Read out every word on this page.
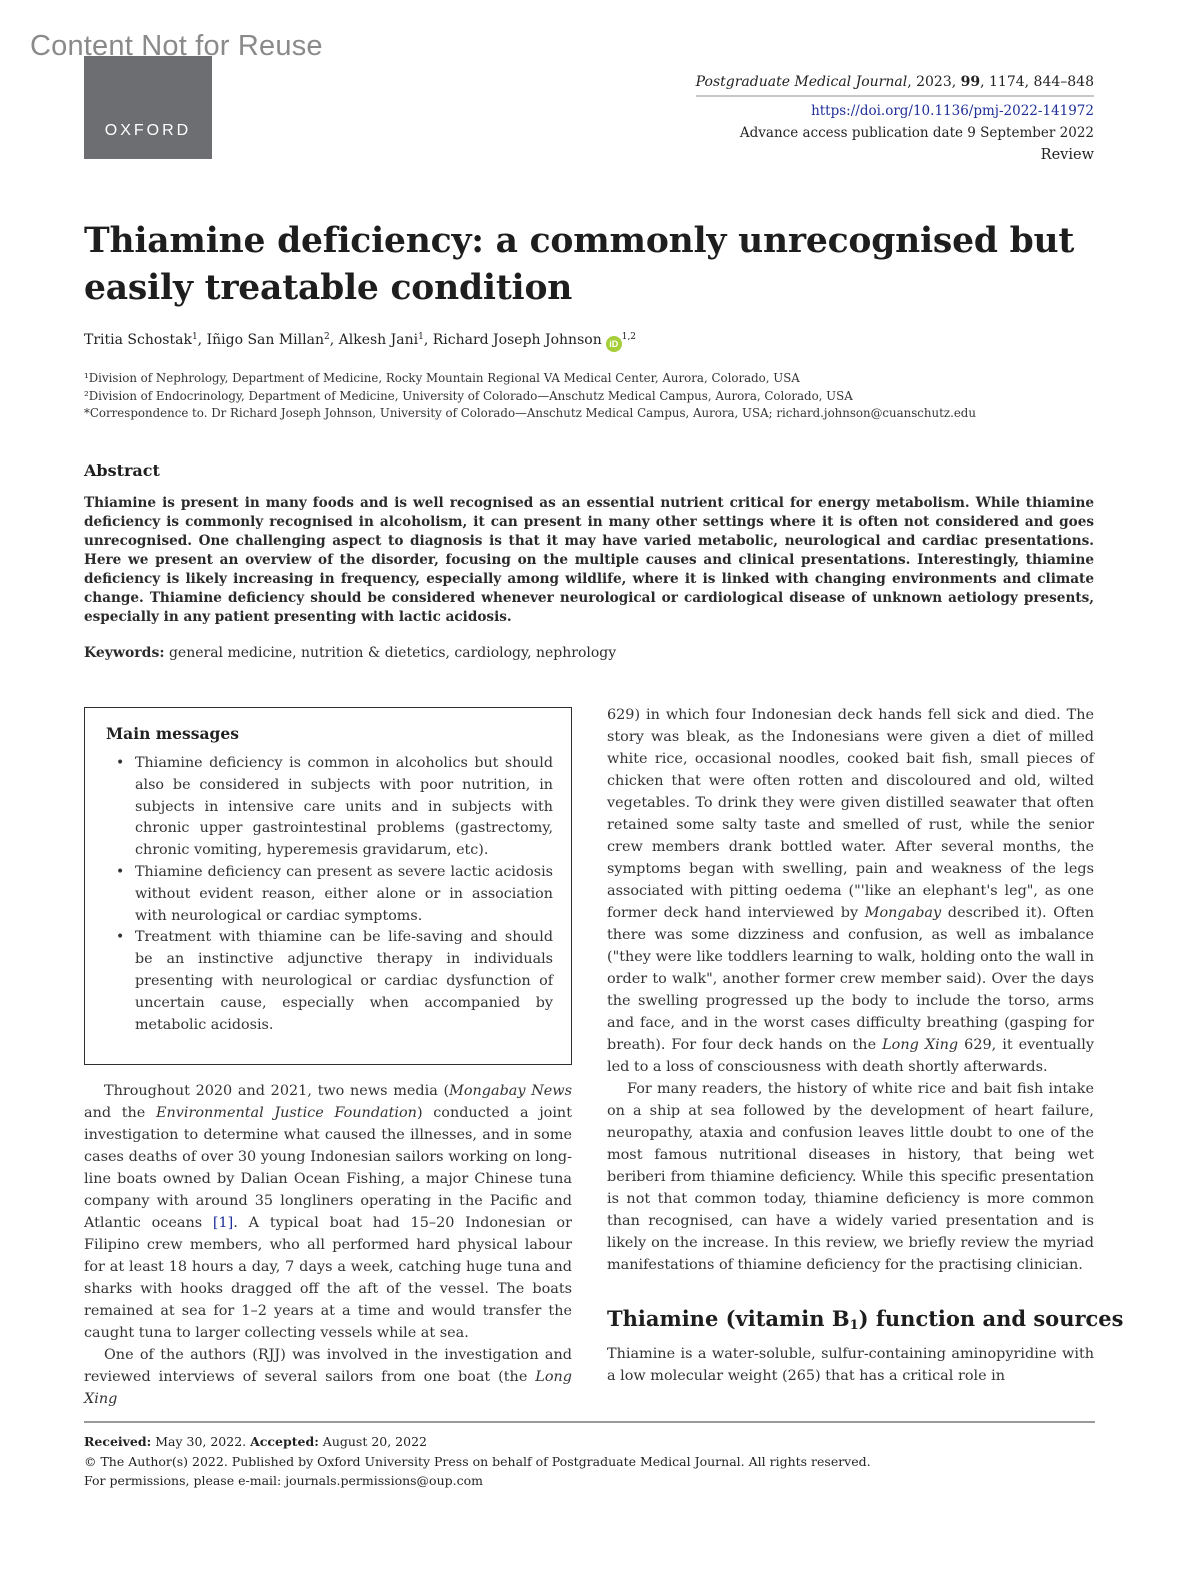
Content Not for Reuse
OXFORD
Postgraduate Medical Journal, 2023, 99, 1174, 844–848
https://doi.org/10.1136/pmj-2022-141972
Advance access publication date 9 September 2022
Review
Thiamine deficiency: a commonly unrecognised but easily treatable condition
Tritia Schostak$^1$, Iñigo San Millan$^2$, Alkesh Jani$^1$, Richard Joseph Johnson iD$^{1,2}$
¹Division of Nephrology, Department of Medicine, Rocky Mountain Regional VA Medical Center, Aurora, Colorado, USA
²Division of Endocrinology, Department of Medicine, University of Colorado—Anschutz Medical Campus, Aurora, Colorado, USA
*Correspondence to. Dr Richard Joseph Johnson, University of Colorado—Anschutz Medical Campus, Aurora, USA; richard.johnson@cuanschutz.edu
Abstract

Thiamine is present in many foods and is well recognised as an essential nutrient critical for energy metabolism. While thiamine deficiency is commonly recognised in alcoholism, it can present in many other settings where it is often not considered and goes unrecognised. One challenging aspect to diagnosis is that it may have varied metabolic, neurological and cardiac presentations. Here we present an overview of the disorder, focusing on the multiple causes and clinical presentations. Interestingly, thiamine deficiency is likely increasing in frequency, especially among wildlife, where it is linked with changing environments and climate change. Thiamine deficiency should be considered whenever neurological or cardiological disease of unknown aetiology presents, especially in any patient presenting with lactic acidosis.

Keywords: general medicine, nutrition & dietetics, cardiology, nephrology
Main messages
• Thiamine deficiency is common in alcoholics but should also be considered in subjects with poor nutrition, in subjects in intensive care units and in subjects with chronic upper gastrointestinal problems (gastrectomy, chronic vomiting, hyperemesis gravidarum, etc).
• Thiamine deficiency can present as severe lactic acidosis without evident reason, either alone or in association with neurological or cardiac symptoms.
• Treatment with thiamine can be life-saving and should be an instinctive adjunctive therapy in individuals presenting with neurological or cardiac dysfunction of uncertain cause, especially when accompanied by metabolic acidosis.

Throughout 2020 and 2021, two news media (Mongabay News and the Environmental Justice Foundation) conducted a joint investigation to determine what caused the illnesses, and in some cases deaths of over 30 young Indonesian sailors working on long-line boats owned by Dalian Ocean Fishing, a major Chinese tuna company with around 35 longliners operating in the Pacific and Atlantic oceans [1]. A typical boat had 15–20 Indonesian or Filipino crew members, who all performed hard physical labour for at least 18 hours a day, 7 days a week, catching huge tuna and sharks with hooks dragged off the aft of the vessel. The boats remained at sea for 1–2 years at a time and would transfer the caught tuna to larger collecting vessels while at sea.

One of the authors (RJJ) was involved in the investigation and reviewed interviews of several sailors from one boat (the Long Xing

629) in which four Indonesian deck hands fell sick and died. The story was bleak, as the Indonesians were given a diet of milled white rice, occasional noodles, cooked bait fish, small pieces of chicken that were often rotten and discoloured and old, wilted vegetables. To drink they were given distilled seawater that often retained some salty taste and smelled of rust, while the senior crew members drank bottled water. After several months, the symptoms began with swelling, pain and weakness of the legs associated with pitting oedema ("'like an elephant's leg", as one former deck hand interviewed by Mongabay described it). Often there was some dizziness and confusion, as well as imbalance ("they were like toddlers learning to walk, holding onto the wall in order to walk", another former crew member said). Over the days the swelling progressed up the body to include the torso, arms and face, and in the worst cases difficulty breathing (gasping for breath). For four deck hands on the Long Xing 629, it eventually led to a loss of consciousness with death shortly afterwards.

For many readers, the history of white rice and bait fish intake on a ship at sea followed by the development of heart failure, neuropathy, ataxia and confusion leaves little doubt to one of the most famous nutritional diseases in history, that being wet beriberi from thiamine deficiency. While this specific presentation is not that common today, thiamine deficiency is more common than recognised, can have a widely varied presentation and is likely on the increase. In this review, we briefly review the myriad manifestations of thiamine deficiency for the practising clinician.

Thiamine (vitamin $B_1$) function and sources

Thiamine is a water-soluble, sulfur-containing aminopyridine with a low molecular weight (265) that has a critical role in

Received: May 30, 2022. Accepted: August 20, 2022
© The Author(s) 2022. Published by Oxford University Press on behalf of Postgraduate Medical Journal. All rights reserved.
For permissions, please e-mail: journals.permissions@oup.com
